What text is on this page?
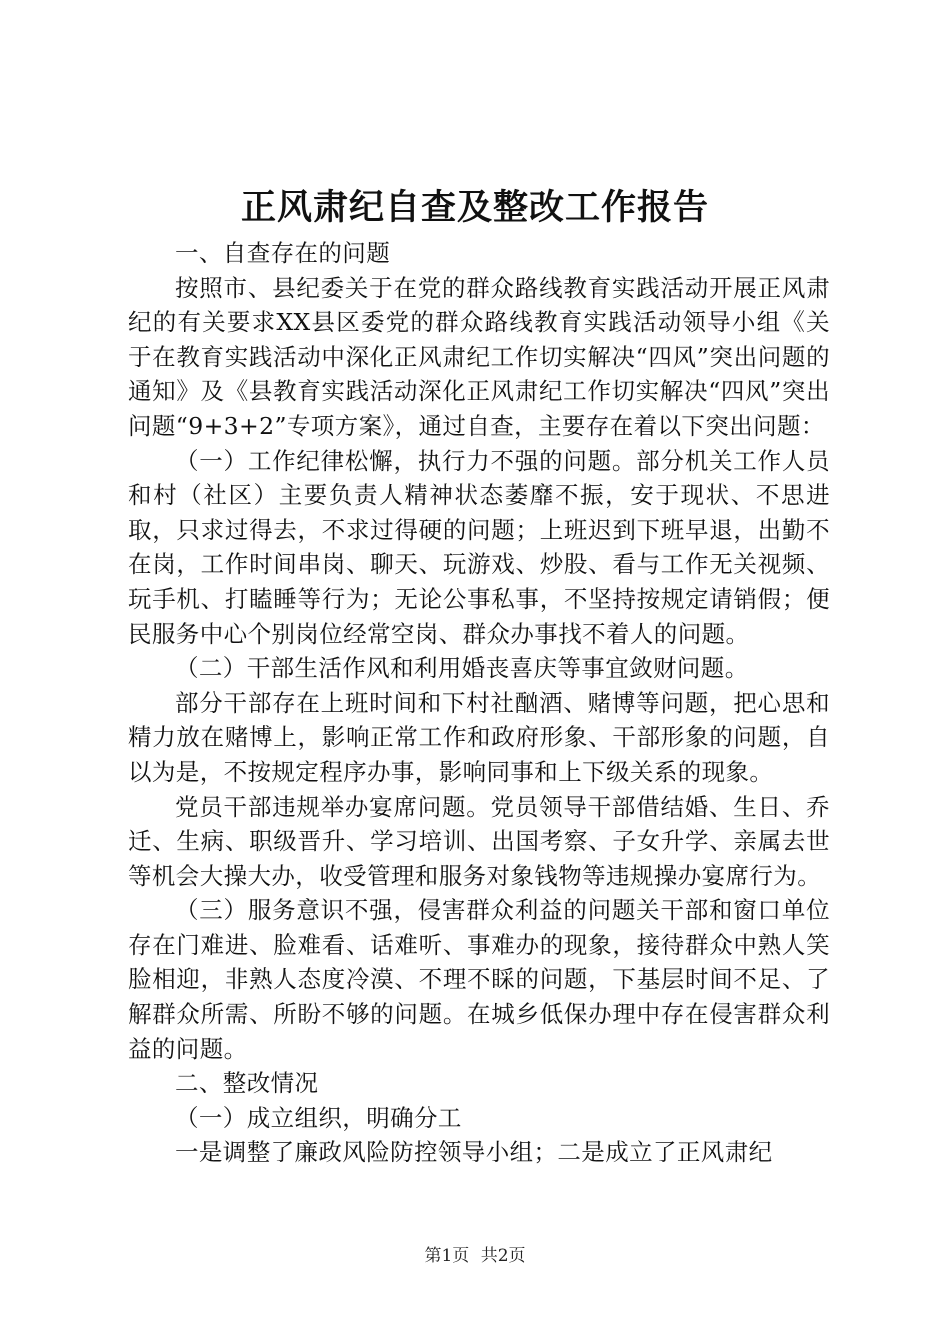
正风肃纪自查及整改工作报告

一、自查存在的问题

按照市、县纪委关于在党的群众路线教育实践活动开展正风肃纪的有关要求XX县区委党的群众路线教育实践活动领导小组《关于在教育实践活动中深化正风肃纪工作切实解决“四风”突出问题的通知》及《县教育实践活动深化正风肃纪工作切实解决“四风”突出问题“9+3+2”专项方案》，通过自查，主要存在着以下突出问题：

（一）工作纪律松懈，执行力不强的问题。部分机关工作人员和村（社区）主要负责人精神状态萎靡不振，安于现状、不思进取，只求过得去，不求过得硬的问题；上班迟到下班早退，出勤不在岗，工作时间串岗、聊天、玩游戏、炒股、看与工作无关视频、玩手机、打瞌睡等行为；无论公事私事，不坚持按规定请销假；便民服务中心个别岗位经常空岗、群众办事找不着人的问题。

（二）干部生活作风和利用婚丧喜庆等事宜敛财问题。

部分干部存在上班时间和下村社酗酒、赌博等问题，把心思和精力放在赌博上，影响正常工作和政府形象、干部形象的问题，自以为是，不按规定程序办事，影响同事和上下级关系的现象。

党员干部违规举办宴席问题。党员领导干部借结婚、生日、乔迁、生病、职级晋升、学习培训、出国考察、子女升学、亲属去世等机会大操大办，收受管理和服务对象钱物等违规操办宴席行为。

（三）服务意识不强，侵害群众利益的问题关干部和窗口单位存在门难进、脸难看、话难听、事难办的现象，接待群众中熟人笑脸相迎，非熟人态度冷漠、不理不睬的问题，下基层时间不足、了解群众所需、所盼不够的问题。在城乡低保办理中存在侵害群众利益的问题。

二、整改情况

（一）成立组织，明确分工

一是调整了廉政风险防控领导小组；二是成立了正风肃纪

第1页 共2页
